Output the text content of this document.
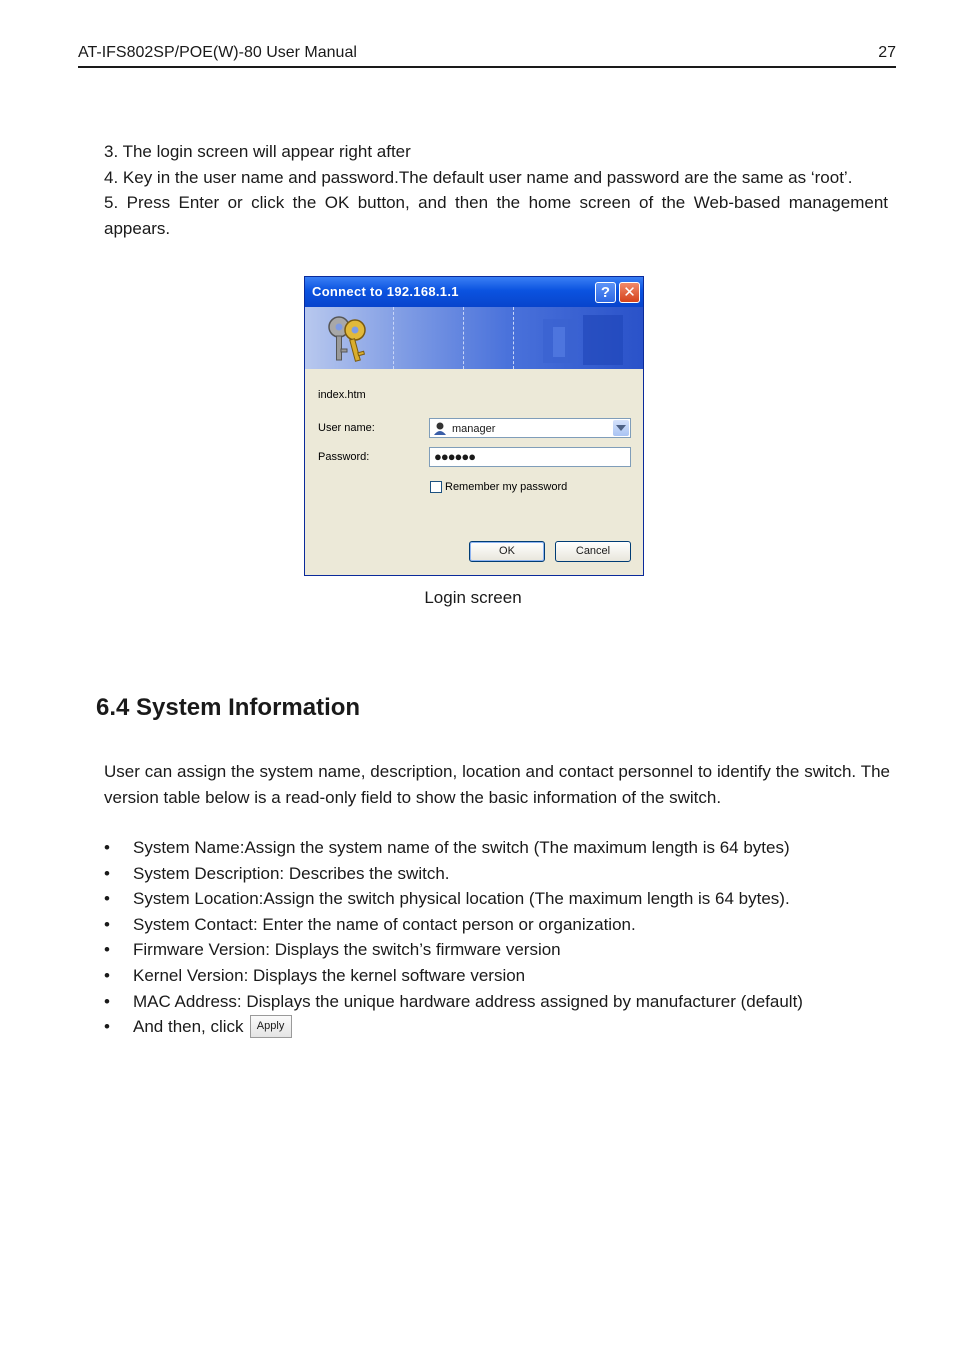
AT-IFS802SP/POE(W)-80 User Manual	27

3. The login screen will appear right after

4. Key in the user name and password.The default user name and password are the same as ‘root’.

5. Press Enter or click the OK button, and then the home screen of the Web-based management appears.

Connect to 192.168.1.1	? ✕
index.htm
User name:	manager
Password:	●●●●●●
Remember my password
OK	Cancel
Login screen
6.4 System Information

User can assign the system name, description, location and contact personnel to identify the switch. The version table below is a read-only field to show the basic information of the switch.

• System Name:Assign the system name of the switch (The maximum length is 64 bytes)
• System Description: Describes the switch.
• System Location:Assign the switch physical location (The maximum length is 64 bytes).
• System Contact: Enter the name of contact person or organization.
• Firmware Version: Displays the switch’s firmware version
• Kernel Version: Displays the kernel software version
• MAC Address: Displays the unique hardware address assigned by manufacturer (default)
• And then, click Apply
